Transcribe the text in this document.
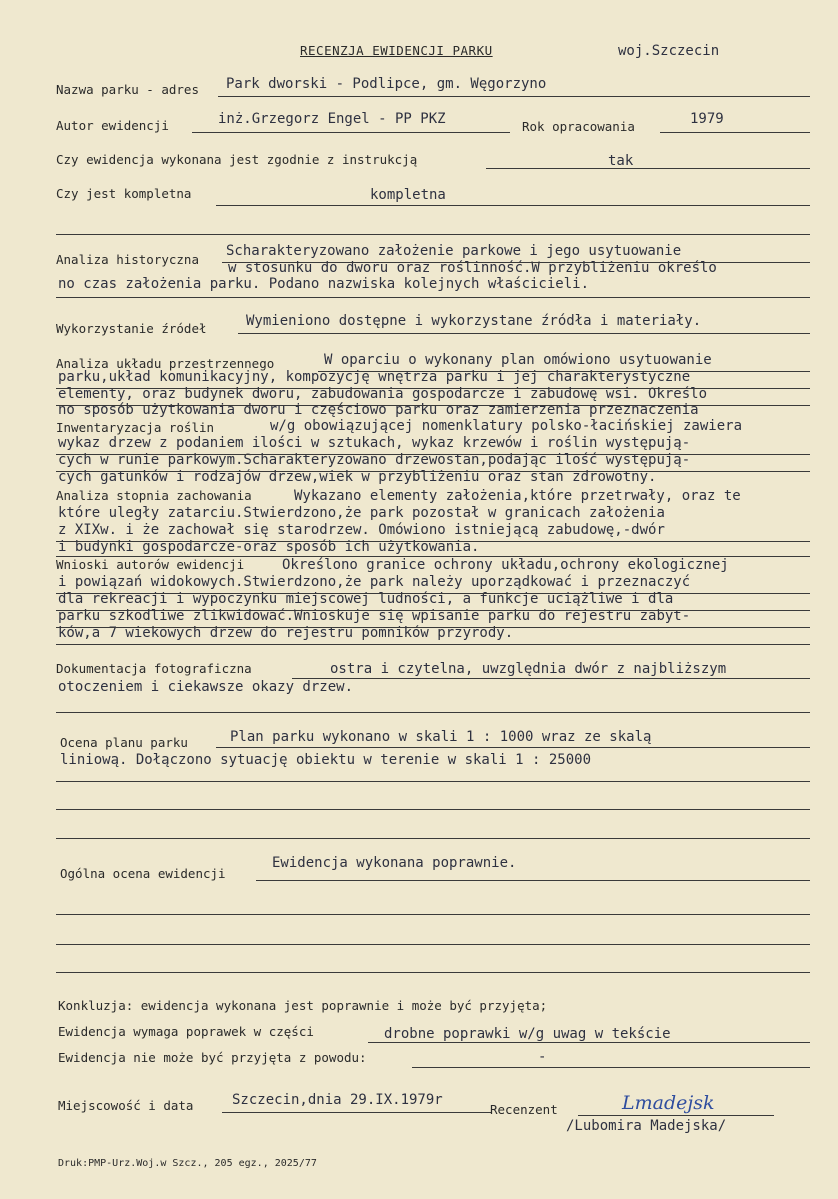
RECENZJA EWIDENCJI PARKU	woj.Szczecin
Nazwa parku - adres Park dworski - Podlipce, gm. Węgorzyno
Autor ewidencji	inż.Grzegorz Engel - PP PKZ	Rok opracowania	1979
Czy ewidencja wykonana jest zgodnie z instrukcją	tak
Czy jest kompletna	kompletna
Analiza historyczna
Scharakteryzowano założenie parkowe i jego usytuowanie
w stosunku do dworu oraz roślinność.W przybliżeniu określo
no czas założenia parku. Podano nazwiska kolejnych właścicieli.
Wykorzystanie źródeł	Wymieniono dostępne i wykorzystane źródła i materiały.
Analiza układu przestrzennego	W oparciu o wykonany plan omówiono usytuowanie
parku,układ komunikacyjny, kompozycję wnętrza parku i jej charakterystyczne
elementy, oraz budynek dworu, zabudowania gospodarcze i zabudowę wsi. Określo
no sposób użytkowania dworu i częściowo parku oraz zamierzenia przeznaczenia
Inwentaryzacja roślin	w/g obowiązującej nomenklatury polsko-łacińskiej zawiera
wykaz drzew z podaniem ilości w sztukach, wykaz krzewów i roślin występują-
cych w runie parkowym.Scharakteryzowano drzewostan,podając ilość występują-
cych gatunków i rodzajów drzew,wiek w przybliżeniu oraz stan zdrowotny.
Analiza stopnia zachowania	Wykazano elementy założenia,które przetrwały, oraz te
które uległy zatarciu.Stwierdzono,że park pozostał w granicach założenia
z XIXw. i że zachował się starodrzew. Omówiono istniejącą zabudowę,-dwór
i budynki gospodarcze-oraz sposób ich użytkowania.
Wnioski autorów ewidencji	Określono granice ochrony układu,ochrony ekologicznej
i powiązań widokowych.Stwierdzono,że park należy uporządkować i przeznaczyć
dla rekreacji i wypoczynku miejscowej ludności, a funkcje uciążliwe i dla
parku szkodliwe zlikwidować.Wnioskuje się wpisanie parku do rejestru zabyt-
ków,a 7 wiekowych drzew do rejestru pomników przyrody.
Dokumentacja fotograficzna	ostra i czytelna, uwzględnia dwór z najbliższym
otoczeniem i ciekawsze okazy drzew.
Ocena planu parku	Plan parku wykonano w skali 1 : 1000 wraz ze skalą
liniową. Dołączono sytuację obiektu w terenie w skali 1 : 25000
Ogólna ocena ewidencji
Ewidencja wykonana poprawnie.
Konkluzja: ewidencja wykonana jest poprawnie i może być przyjęta;
Ewidencja wymaga poprawek w części	drobne poprawki w/g uwag w tekście
Ewidencja nie może być przyjęta z powodu:	-
Miejscowość i data	Szczecin,dnia 29.IX.1979r
Recenzent	Lmadejsk
/Lubomira Madejska/
Druk:PMP-Urz.Woj.w Szcz., 205 egz., 2025/77
